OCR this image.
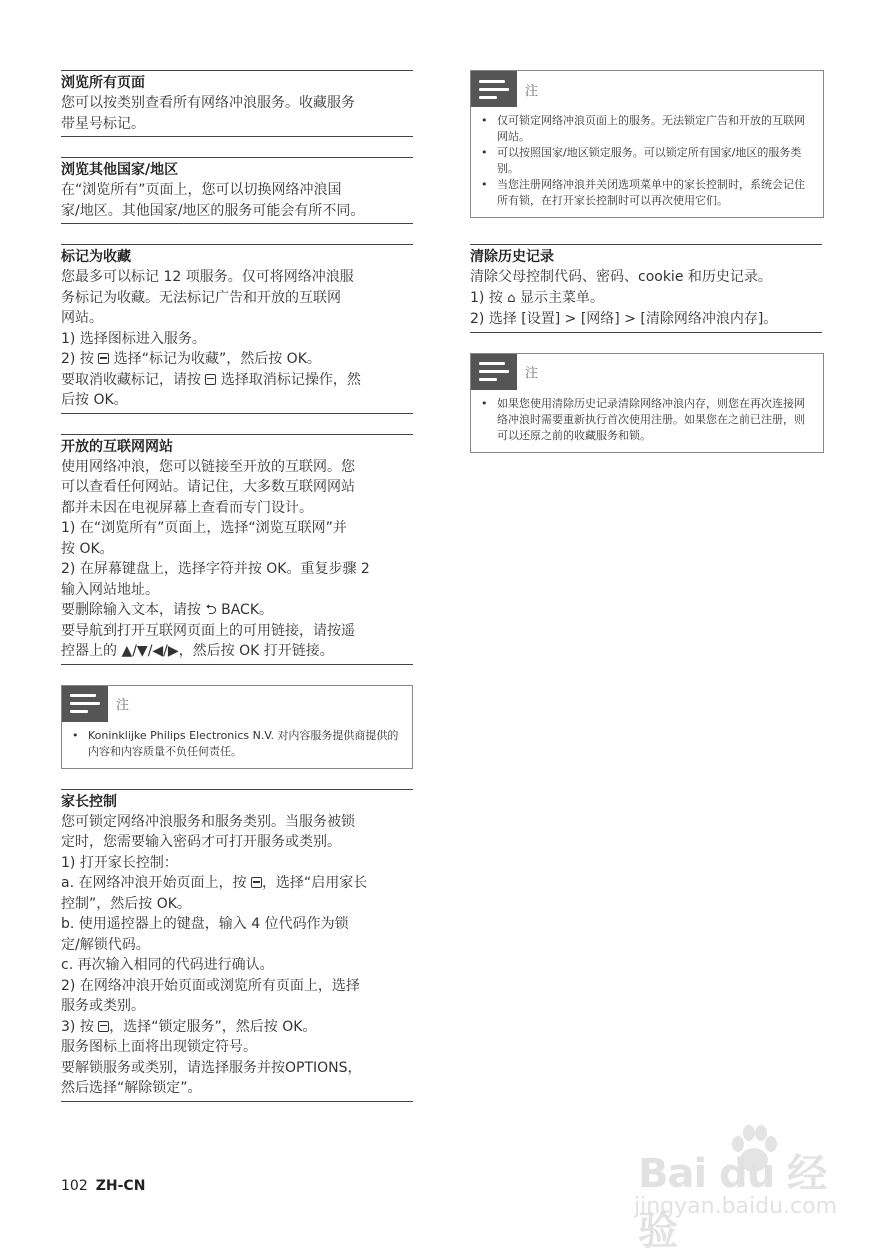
浏览所有页面

您可以按类别查看所有网络冲浪服务。收藏服务

带星号标记。

浏览其他国家/地区

在“浏览所有”页面上，您可以切换网络冲浪国

家/地区。其他国家/地区的服务可能会有所不同。

标记为收藏

您最多可以标记 12 项服务。仅可将网络冲浪服

务标记为收藏。无法标记广告和开放的互联网

网站。

1) 选择图标进入服务。

2) 按  选择“标记为收藏”，然后按 OK。

要取消收藏标记，请按  选择取消标记操作，然

后按 OK。

开放的互联网网站

使用网络冲浪，您可以链接至开放的互联网。您

可以查看任何网站。请记住，大多数互联网网站

都并未因在电视屏幕上查看而专门设计。

1) 在“浏览所有”页面上，选择“浏览互联网”并

按 OK。

2) 在屏幕键盘上，选择字符并按 OK。重复步骤 2

输入网站地址。

要删除输入文本，请按 ⮌ BACK。

要导航到打开互联网页面上的可用链接，请按遥

控器上的 ▲/▼/◀/▶，然后按 OK 打开链接。

注
• Koninklijke Philips Electronics N.V. 对内容服务提供商提供的内容和内容质量不负任何责任。
家长控制

您可锁定网络冲浪服务和服务类别。当服务被锁

定时，您需要输入密码才可打开服务或类别。

1) 打开家长控制：

a. 在网络冲浪开始页面上，按 ，选择“启用家长

控制”，然后按 OK。

b. 使用遥控器上的键盘，输入 4 位代码作为锁

定/解锁代码。

c. 再次输入相同的代码进行确认。

2) 在网络冲浪开始页面或浏览所有页面上，选择

服务或类别。

3) 按 ，选择“锁定服务”，然后按 OK。

服务图标上面将出现锁定符号。

要解锁服务或类别，请选择服务并按OPTIONS，

然后选择“解除锁定”。

注
• 仅可锁定网络冲浪页面上的服务。无法锁定广告和开放的互联网网站。
• 可以按照国家/地区锁定服务。可以锁定所有国家/地区的服务类别。
• 当您注册网络冲浪并关闭选项菜单中的家长控制时，系统会记住所有锁，在打开家长控制时可以再次使用它们。
清除历史记录

清除父母控制代码、密码、cookie 和历史记录。

1) 按 ⌂ 显示主菜单。

2) 选择 [设置] > [网络] > [清除网络冲浪内存]。

注
• 如果您使用清除历史记录清除网络冲浪内存，则您在再次连接网络冲浪时需要重新执行首次使用注册。如果您在之前已注册，则可以还原之前的收藏服务和锁。
102 ZH-CN	Bai du 经验
jingyan.baidu.com
